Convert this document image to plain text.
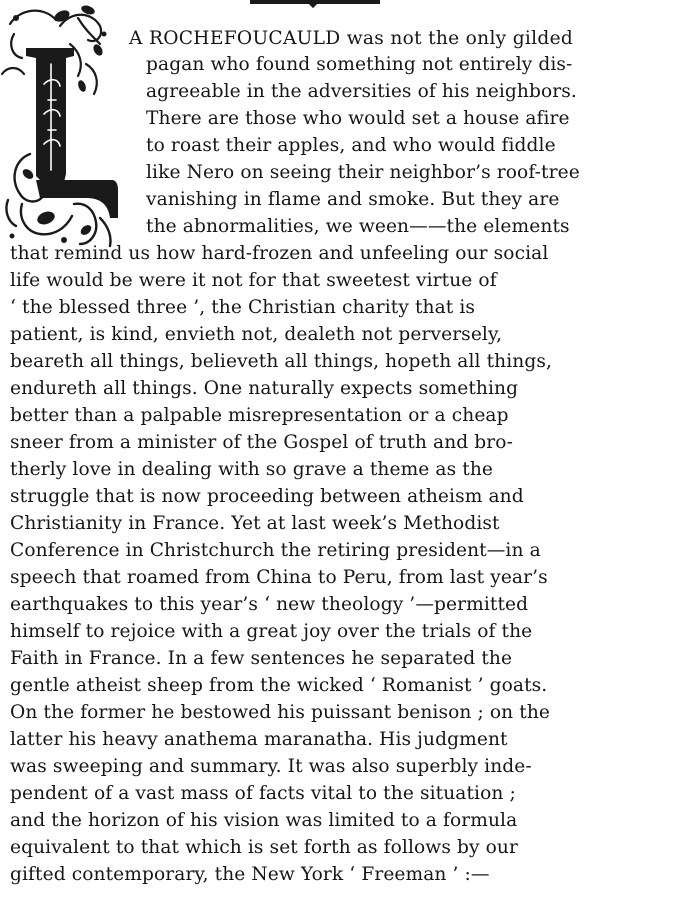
A ROCHEFOUCAULD was not the only gilded
pagan who found something not entirely dis-
agreeable in the adversities of his neighbors.
There are those who would set a house afire
to roast their apples, and who would fiddle
like Nero on seeing their neighbor’s roof-tree
vanishing in flame and smoke. But they are
the abnormalities, we ween——the elements
that remind us how hard-frozen and unfeeling our social
life would be were it not for that sweetest virtue of
‘ the blessed three ’, the Christian charity that is
patient, is kind, envieth not, dealeth not perversely,
beareth all things, believeth all things, hopeth all things,
endureth all things. One naturally expects something
better than a palpable misrepresentation or a cheap
sneer from a minister of the Gospel of truth and bro-
therly love in dealing with so grave a theme as the
struggle that is now proceeding between atheism and
Christianity in France. Yet at last week’s Methodist
Conference in Christchurch the retiring president—in a
speech that roamed from China to Peru, from last year’s
earthquakes to this year’s ‘ new theology ’—permitted
himself to rejoice with a great joy over the trials of the
Faith in France. In a few sentences he separated the
gentle atheist sheep from the wicked ‘ Romanist ’ goats.
On the former he bestowed his puissant benison ; on the
latter his heavy anathema maranatha. His judgment
was sweeping and summary. It was also superbly inde-
pendent of a vast mass of facts vital to the situation ;
and the horizon of his vision was limited to a formula
equivalent to that which is set forth as follows by our
gifted contemporary, the New York ‘ Freeman ’ :—
